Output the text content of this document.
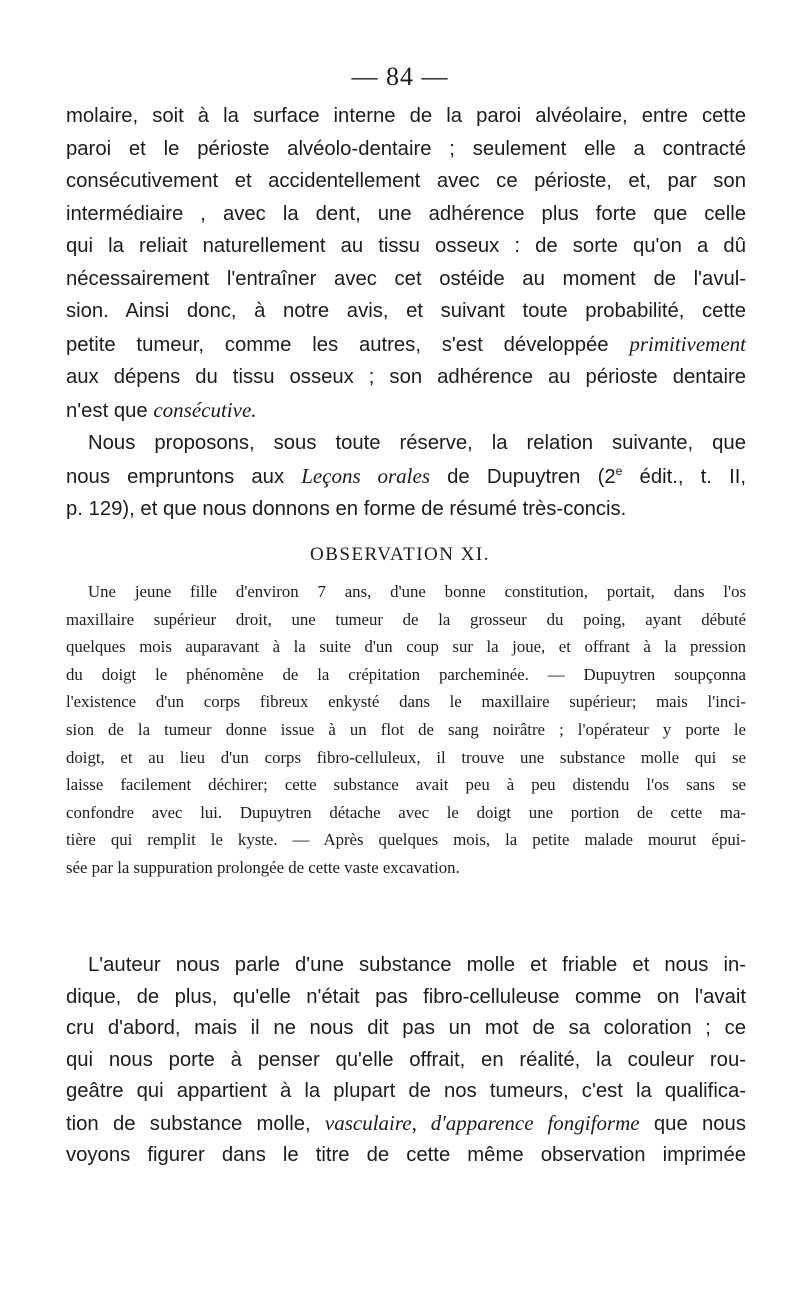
— 84 —
molaire, soit à la surface interne de la paroi alvéolaire, entre cette
paroi et le périoste alvéolo-dentaire ; seulement elle a contracté
consécutivement et accidentellement avec ce périoste, et, par son
intermédiaire , avec la dent, une adhérence plus forte que celle
qui la reliait naturellement au tissu osseux : de sorte qu'on a dû
nécessairement l'entraîner avec cet ostéide au moment de l'avul-
sion. Ainsi donc, à notre avis, et suivant toute probabilité, cette
petite tumeur, comme les autres, s'est développée primitivement
aux dépens du tissu osseux ; son adhérence au périoste dentaire
n'est que consécutive.
Nous proposons, sous toute réserve, la relation suivante, que
nous empruntons aux Leçons orales de Dupuytren (2e édit., t. II,
p. 129), et que nous donnons en forme de résumé très-concis.
OBSERVATION XI.
Une jeune fille d'environ 7 ans, d'une bonne constitution, portait, dans l'os
maxillaire supérieur droit, une tumeur de la grosseur du poing, ayant débuté
quelques mois auparavant à la suite d'un coup sur la joue, et offrant à la pression
du doigt le phénomène de la crépitation parcheminée. — Dupuytren soupçonna
l'existence d'un corps fibreux enkysté dans le maxillaire supérieur; mais l'inci-
sion de la tumeur donne issue à un flot de sang noirâtre ; l'opérateur y porte le
doigt, et au lieu d'un corps fibro-celluleux, il trouve une substance molle qui se
laisse facilement déchirer; cette substance avait peu à peu distendu l'os sans se
confondre avec lui. Dupuytren détache avec le doigt une portion de cette ma-
tière qui remplit le kyste. — Après quelques mois, la petite malade mourut épui-
sée par la suppuration prolongée de cette vaste excavation.
L'auteur nous parle d'une substance molle et friable et nous in-
dique, de plus, qu'elle n'était pas fibro-celluleuse comme on l'avait
cru d'abord, mais il ne nous dit pas un mot de sa coloration ; ce
qui nous porte à penser qu'elle offrait, en réalité, la couleur rou-
geâtre qui appartient à la plupart de nos tumeurs, c'est la qualifica-
tion de substance molle, vasculaire, d'apparence fongiforme que nous
voyons figurer dans le titre de cette même observation imprimée
